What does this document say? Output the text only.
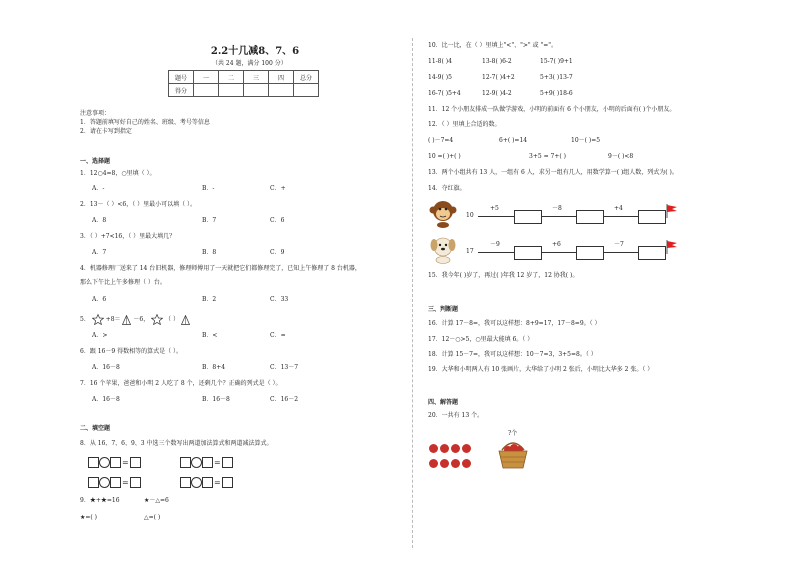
2.2十几减8、7、6
（共 24 题，满分 100 分）
题号	一	二	三	四	总分
得分					
注意事项：
1．答题前填写好自己的姓名、班级、考号等信息
2．请在卡写到指定
一、选择题
1．12○4=8，○里填（ ）。
A．-	B．-	C．+
2．13－（ ）<6，（ ）里最小可以填（ ）。
A．8	B．7	C．6
3．（ ）+7<16，（ ）里最大填几？
A．7	B．8	C．9
4．机器修理厂送来了 14 台旧机器，修理师傅用了一天就把它们都修理完了，已知上午修理了 8 台机器，
那么下午比上午多修理（ ）台。
A．6	B．2	C．33
5．	+8＝ －6，	（ ）
A．>	B．<	C．=
6．跟 16－9 得数相等的算式是（ ）。
A．16－8	B．8+4	C．13－7
7．16 个苹果，爸爸和小明 2 人吃了 8 个，还剩几个？正确的列式是（ ）。
A．16－8	B．16－8	C．16－2
二、填空题
8．从 16、7、6、9、3 中选三个数写出两道加法算式和两道减法算式。
=	=
=	=
9．★+★=16	★－△=6
★=( )	△=( )
10．比一比，在（ ）里填上"<"、">" 或 "="。
11-8( )4	13-8( )6-2	15-7( )9+1
14-9( )5	12-7( )4+2	5+3( )13-7
16-7( )5+4	12-9( )4-2	5+9( )18-6
11．12 个小朋友排成一队做学游戏，小明的前面有 6 个小朋友，小明的后面有( )个小朋友。
12．（ ）里填上合适的数。
( )－7=4	6+( )=14	10－( )=5
10 =( )+( )	3+5 = 7+( )	9－( )<8
13．两个小组共有 13 人，一组有 6 人，求另一组有几人，用数学算一( )组人数，列式为( )。
14．夺红旗。
10
+5	－8	+4
17
－9	+6	－7
15．我今年( )岁了，再过( )年我 12 岁了，12 协我( )。
三、判断题
16．计算 17－8=，我可以这样想：8+9=17，17－8=9。（ ）
17．12－○>5，○里最大能填 6。（ ）
18．计算 15－7=，我可以这样想：10－7=3，3+5=8。（ ）
19．大华和小明两人有 10 张画片，大华给了小明 2 张后，小明比大华多 2 张。（ ）
四、解答题
20．一共有 13 个。
?个
